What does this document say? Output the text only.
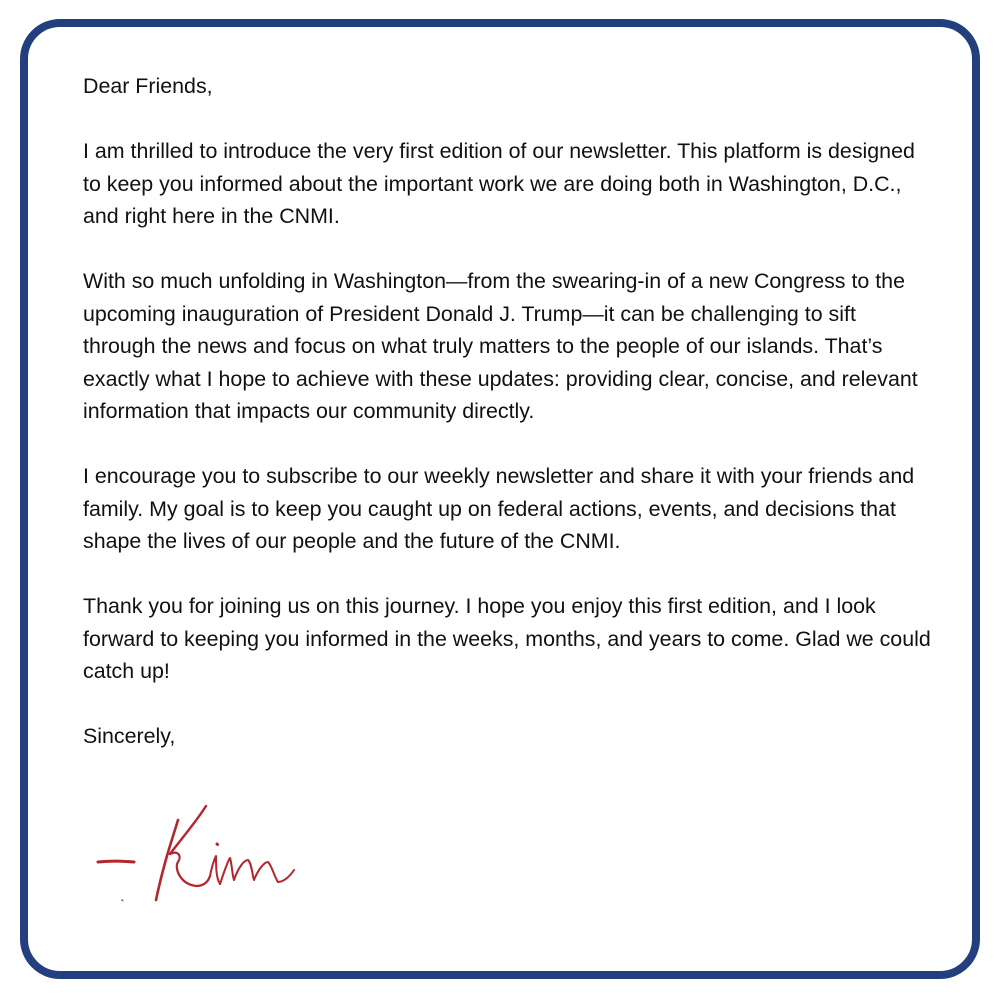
Dear Friends,

I am thrilled to introduce the very first edition of our newsletter. This platform is designed to keep you informed about the important work we are doing both in Washington, D.C., and right here in the CNMI.

With so much unfolding in Washington—from the swearing-in of a new Congress to the upcoming inauguration of President Donald J. Trump—it can be challenging to sift through the news and focus on what truly matters to the people of our islands. That’s exactly what I hope to achieve with these updates: providing clear, concise, and relevant information that impacts our community directly.

I encourage you to subscribe to our weekly newsletter and share it with your friends and family. My goal is to keep you caught up on federal actions, events, and decisions that shape the lives of our people and the future of the CNMI.

Thank you for joining us on this journey. I hope you enjoy this first edition, and I look forward to keeping you informed in the weeks, months, and years to come. Glad we could catch up!

Sincerely,
